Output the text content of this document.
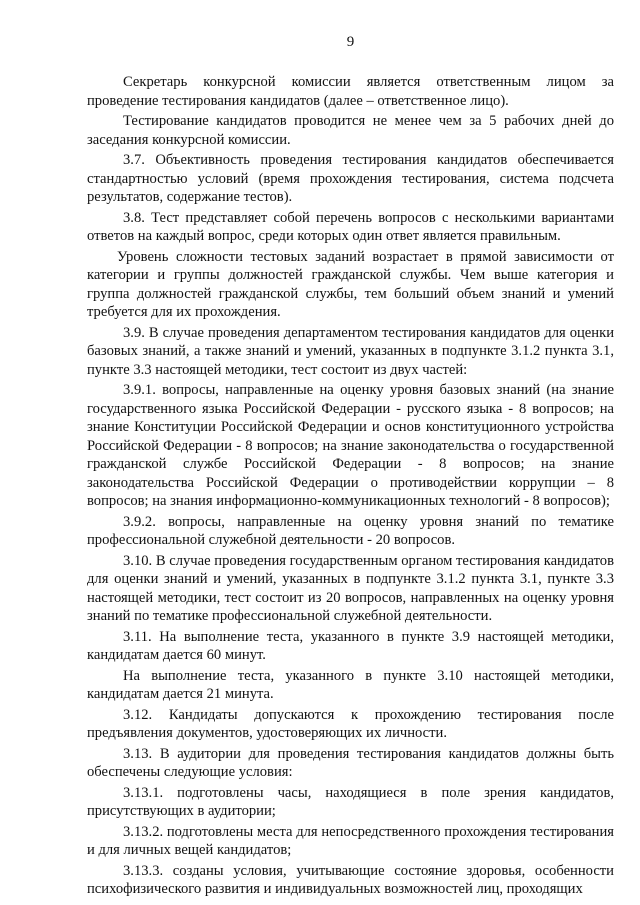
9

Секретарь конкурсной комиссии является ответственным лицом за проведение тестирования кандидатов (далее – ответственное лицо).

Тестирование кандидатов проводится не менее чем за 5 рабочих дней до заседания конкурсной комиссии.

3.7. Объективность проведения тестирования кандидатов обеспечивается стандартностью условий (время прохождения тестирования, система подсчета результатов, содержание тестов).

3.8. Тест представляет собой перечень вопросов с несколькими вариантами ответов на каждый вопрос, среди которых один ответ является правильным.

Уровень сложности тестовых заданий возрастает в прямой зависимости от категории и группы должностей гражданской службы. Чем выше категория и группа должностей гражданской службы, тем больший объем знаний и умений требуется для их прохождения.

3.9. В случае проведения департаментом тестирования кандидатов для оценки базовых знаний, а также знаний и умений, указанных в подпункте 3.1.2 пункта 3.1, пункте 3.3 настоящей методики, тест состоит из двух частей:

3.9.1. вопросы, направленные на оценку уровня базовых знаний (на знание государственного языка Российской Федерации - русского языка - 8 вопросов; на знание Конституции Российской Федерации и основ конституционного устройства Российской Федерации - 8 вопросов; на знание законодательства о государственной гражданской службе Российской Федерации - 8 вопросов; на знание законодательства Российской Федерации о противодействии коррупции – 8 вопросов; на знания информационно-коммуникационных технологий - 8 вопросов);

3.9.2. вопросы, направленные на оценку уровня знаний по тематике профессиональной служебной деятельности - 20 вопросов.

3.10. В случае проведения государственным органом тестирования кандидатов для оценки знаний и умений, указанных в подпункте 3.1.2 пункта 3.1, пункте 3.3 настоящей методики, тест состоит из 20 вопросов, направленных на оценку уровня знаний по тематике профессиональной служебной деятельности.

3.11. На выполнение теста, указанного в пункте 3.9 настоящей методики, кандидатам дается 60 минут.

На выполнение теста, указанного в пункте 3.10 настоящей методики, кандидатам дается 21 минута.

3.12. Кандидаты допускаются к прохождению тестирования после предъявления документов, удостоверяющих их личности.

3.13. В аудитории для проведения тестирования кандидатов должны быть обеспечены следующие условия:

3.13.1. подготовлены часы, находящиеся в поле зрения кандидатов, присутствующих в аудитории;

3.13.2. подготовлены места для непосредственного прохождения тестирования и для личных вещей кандидатов;

3.13.3. созданы условия, учитывающие состояние здоровья, особенности психофизического развития и индивидуальных возможностей лиц, проходящих
